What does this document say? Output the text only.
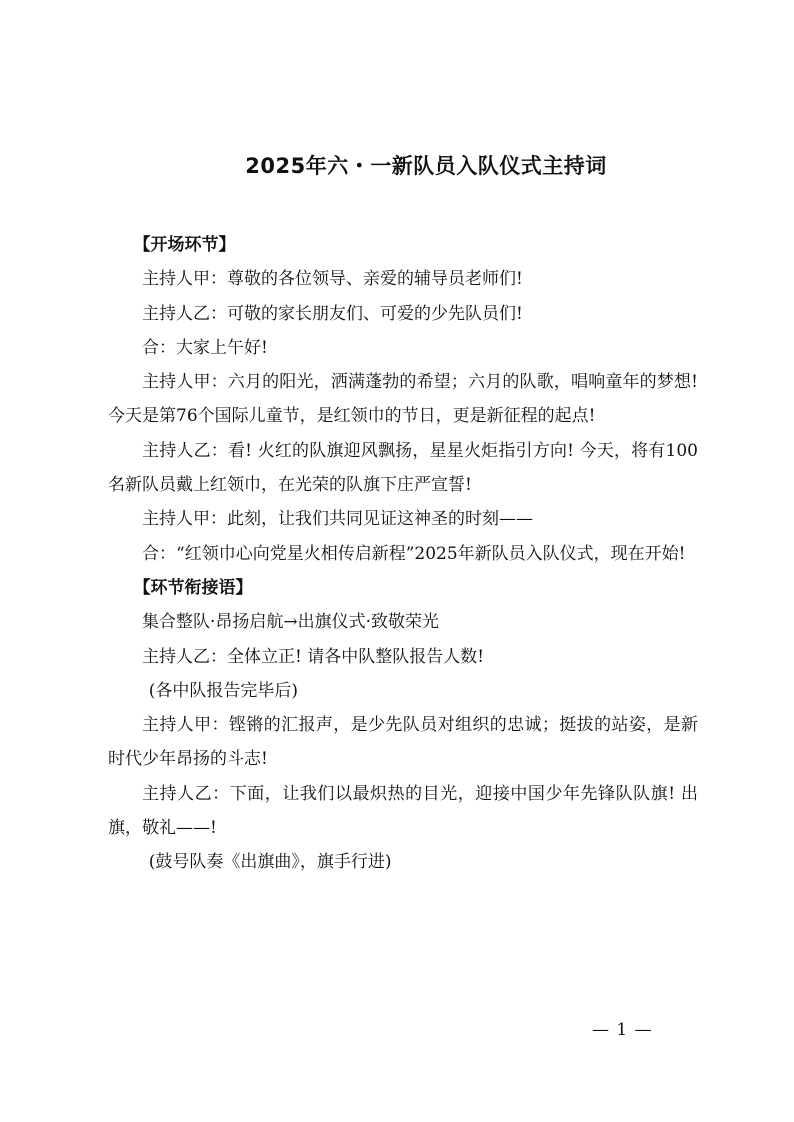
2025年六・一新队员入队仪式主持词

【开场环节】

主持人甲：尊敬的各位领导、亲爱的辅导员老师们!

主持人乙：可敬的家长朋友们、可爱的少先队员们!

合：大家上午好!

主持人甲：六月的阳光，洒满蓬勃的希望；六月的队歌，唱响童年的梦想! 今天是第76个国际儿童节，是红领巾的节日，更是新征程的起点!

主持人乙：看! 火红的队旗迎风飘扬，星星火炬指引方向! 今天，将有100名新队员戴上红领巾，在光荣的队旗下庄严宣誓!

主持人甲：此刻，让我们共同见证这神圣的时刻——

合：“红领巾心向党星火相传启新程”2025年新队员入队仪式，现在开始!

【环节衔接语】

集合整队·昂扬启航→出旗仪式·致敬荣光

主持人乙：全体立正! 请各中队整队报告人数!

(各中队报告完毕后)

主持人甲：铿锵的汇报声，是少先队员对组织的忠诚；挺拔的站姿，是新时代少年昂扬的斗志!

主持人乙：下面，让我们以最炽热的目光，迎接中国少年先锋队队旗! 出旗，敬礼——!

(鼓号队奏《出旗曲》，旗手行进)

— 1 —
